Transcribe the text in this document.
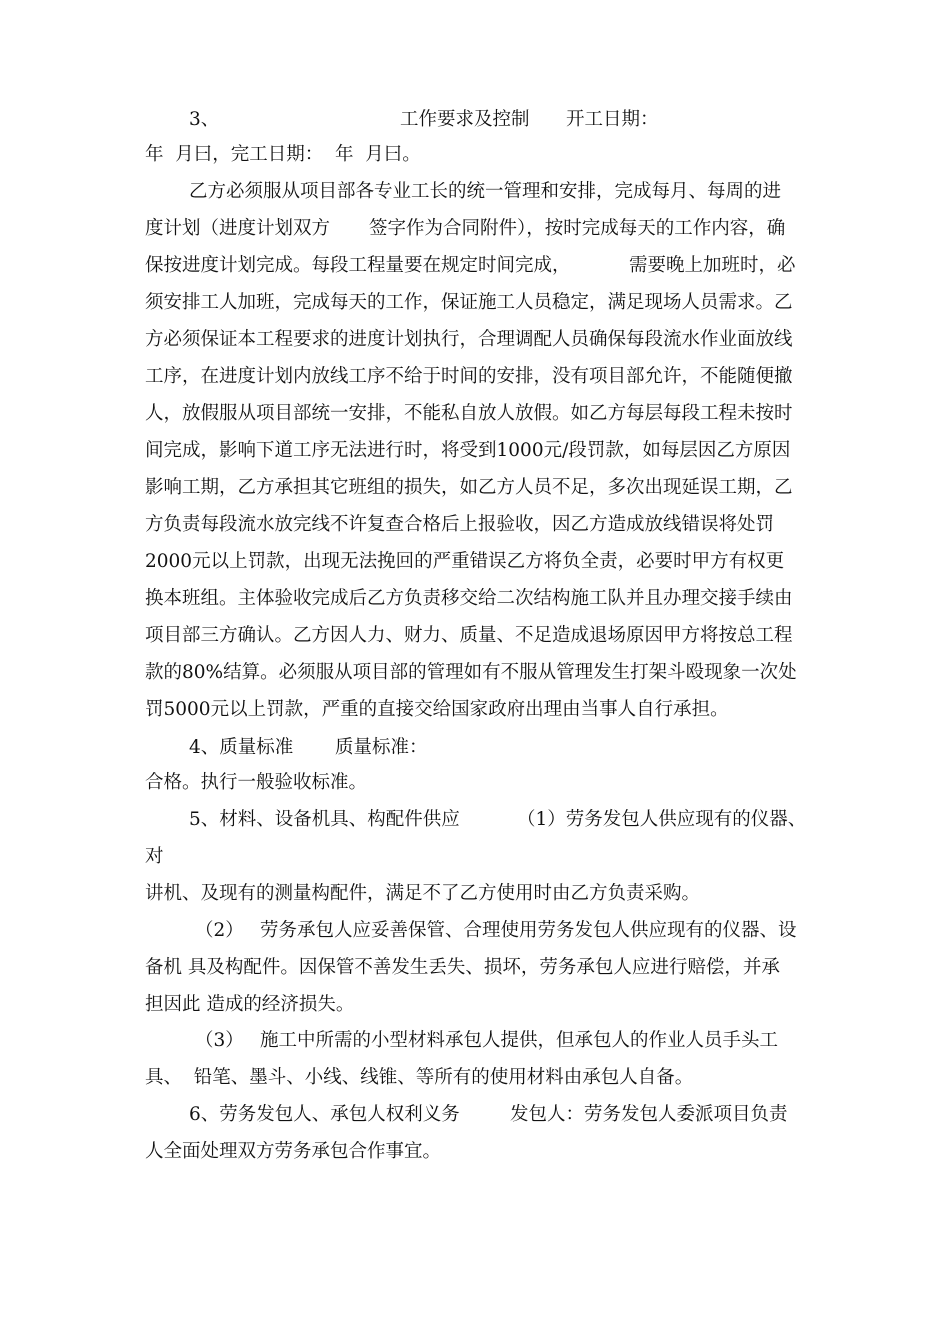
3、	工作要求及控制 开工日期：
年  月曰，完工日期：  年  月曰。
乙方必须服从项目部各专业工长的统一管理和安排，完成每月、每周的进
度计划（进度计划双方 签字作为合同附件），按时完成每天的工作内容，确
保按进度计划完成。每段工程量要在规定时间完成，	需要晚上加班时，必
须安排工人加班，完成每天的工作，保证施工人员稳定，满足现场人员需求。乙
方必须保证本工程要求的进度计划执行，合理调配人员确保每段流水作业面放线
工序，在进度计划内放线工序不给于时间的安排，没有项目部允许，不能随便撤
人，放假服从项目部统一安排，不能私自放人放假。如乙方每层每段工程未按时
间完成，影响下道工序无法进行时，将受到1000元/段罚款，如每层因乙方原因
影响工期，乙方承担其它班组的损失，如乙方人员不足，多次出现延误工期，乙
方负责每段流水放完线不许复查合格后上报验收，因乙方造成放线错误将处罚
2000元以上罚款，出现无法挽回的严重错误乙方将负全责，必要时甲方有权更
换本班组。主体验收完成后乙方负责移交给二次结构施工队并且办理交接手续由
项目部三方确认。乙方因人力、财力、质量、不足造成退场原因甲方将按总工程
款的80%结算。必须服从项目部的管理如有不服从管理发生打架斗殴现象一次处
罚5000元以上罚款，严重的直接交给国家政府出理由当事人自行承担。
4、质量标准 质量标准：
合格。执行一般验收标准。
5、材料、设备机具、构配件供应	（1）劳务发包人供应现有的仪器、
对
讲机、及现有的测量构配件，满足不了乙方使用时由乙方负责采购。
（2） 劳务承包人应妥善保管、合理使用劳务发包人供应现有的仪器、设
备机 具及构配件。因保管不善发生丢失、损坏，劳务承包人应进行赔偿，并承
担因此 造成的经济损失。
（3） 施工中所需的小型材料承包人提供，但承包人的作业人员手头工
具、  铅笔、墨斗、小线、线锥、等所有的使用材料由承包人自备。
6、劳务发包人、承包人权利义务	发包人：劳务发包人委派项目负责
人全面处理双方劳务承包合作事宜。
